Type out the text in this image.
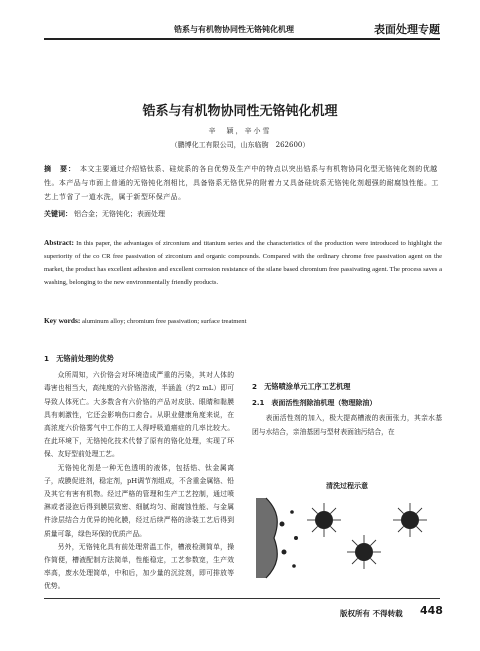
锆系与有机物协同性无铬钝化机理	表面处理专题
锆系与有机物协同性无铬钝化机理
辛　颖，辛小雪
（鹏博化工有限公司，山东临朐　262600）
摘　要： 本文主要通过介绍锆钛系、硅烷系的各自优势及生产中的特点以突出锆系与有机物协同化型无铬钝化剂的优越性。本产品与市面上普通的无铬钝化剂相比，具备铬系无铬优异的附着力又具备硅烷系无铬钝化剂超强的耐腐蚀性能。工艺上节省了一道水洗，属于新型环保产品。
关键词： 铝合金；无铬钝化；表面处理
Abstract: In this paper, the advantages of zirconium and titanium series and the characteristics of the production were introduced to highlight the superiority of the co CR free passivation of zirconium and organic compounds. Compared with the ordinary chrome free passivation agent on the market, the product has excellent adhesion and excellent corrosion resistance of the silane based chromium free passivating agent. The process saves a washing, belonging to the new environmentally friendly products.
Key words: aluminum alloy; chromium free passivation; surface treatment
1　无铬前处理的优势

众所周知，六价铬会对环境造成严重的污染，其对人体的毒害也相当大，高纯度的六价铬溶液，半涵盖（约2 mL）即可导致人体死亡。大多数含有六价铬的产品对皮肤、眼睛和黏膜具有刺激性，它还会影响伤口愈合。从职业健康角度来说，在高浓度六价铬雾气中工作的工人得呼吸道癌症的几率比较大。在此环境下，无铬钝化技术代替了原有的铬化处理，实现了环保、友好型前处理工艺。

无铬钝化剂是一种无色透明的液体，包括锆、钛金属离子，成膜促进剂，稳定剂，pH调节剂组成，不含重金属铬、铅及其它有害有机物。经过严格的管理和生产工艺控制，通过喷淋或者浸泡后得到膜层致密、细腻均匀、耐腐蚀性能、与金属件涂层结合力优异的钝化膜，经过后续严格的涂装工艺后得到质量可靠，绿色环保的优质产品。

另外，无铬钝化具有前处理常温工作，槽液检测简单，操作简便，槽液配制方法简单，性能稳定，工艺参数宽，生产效率高，废水处理简单，中和后，加少量的沉淀剂，即可排放等优势。

2　无铬喷涂单元工序工艺机理
2.1　表面活性剂除油机理（物理除油）

表面活性剂的加入，极大提高槽液的表面张力，其亲水基团与水结合，亲油基团与型材表面油污结合，在

清洗过程示意
版权所有 不得转载 448
